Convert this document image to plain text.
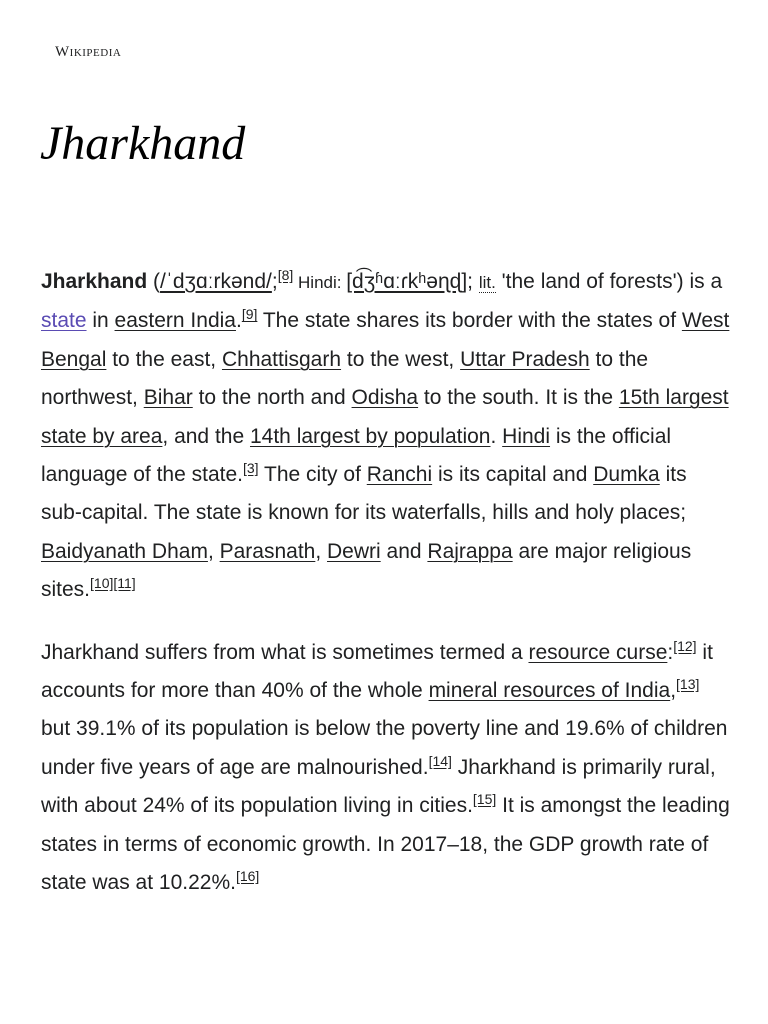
Wikipedia
Jharkhand

Jharkhand (/ˈdʒɑːrkənd/;[8] Hindi: [d͡ʒʱɑːɾkʰəɳɖ]; lit. 'the land of forests') is a state in eastern India.[9] The state shares its border with the states of West Bengal to the east, Chhattisgarh to the west, Uttar Pradesh to the northwest, Bihar to the north and Odisha to the south. It is the 15th largest state by area, and the 14th largest by population. Hindi is the official language of the state.[3] The city of Ranchi is its capital and Dumka its sub-capital. The state is known for its waterfalls, hills and holy places; Baidyanath Dham, Parasnath, Dewri and Rajrappa are major religious sites.[10][11]

Jharkhand suffers from what is sometimes termed a resource curse:[12] it accounts for more than 40% of the whole mineral resources of India,[13] but 39.1% of its population is below the poverty line and 19.6% of children under five years of age are malnourished.[14] Jharkhand is primarily rural, with about 24% of its population living in cities.[15] It is amongst the leading states in terms of economic growth. In 2017–18, the GDP growth rate of state was at 10.22%.[16]
